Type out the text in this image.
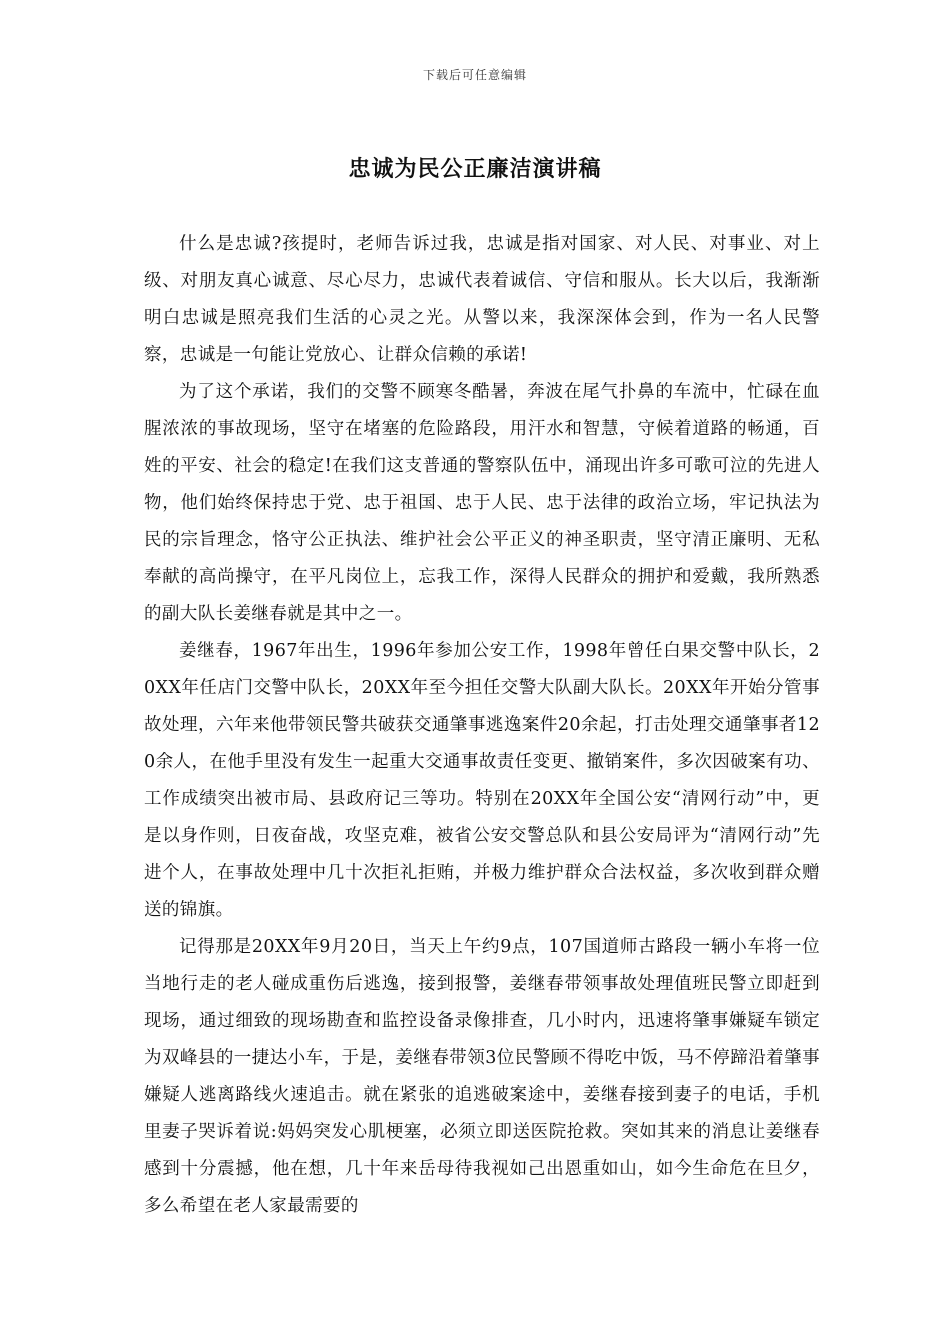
下载后可任意编辑
忠诚为民公正廉洁演讲稿

什么是忠诚?孩提时，老师告诉过我，忠诚是指对国家、对人民、对事业、对上级、对朋友真心诚意、尽心尽力，忠诚代表着诚信、守信和服从。长大以后，我渐渐明白忠诚是照亮我们生活的心灵之光。从警以来，我深深体会到，作为一名人民警察，忠诚是一句能让党放心、让群众信赖的承诺!

为了这个承诺，我们的交警不顾寒冬酷暑，奔波在尾气扑鼻的车流中，忙碌在血腥浓浓的事故现场，坚守在堵塞的危险路段，用汗水和智慧，守候着道路的畅通，百姓的平安、社会的稳定!在我们这支普通的警察队伍中，涌现出许多可歌可泣的先进人物，他们始终保持忠于党、忠于祖国、忠于人民、忠于法律的政治立场，牢记执法为民的宗旨理念，恪守公正执法、维护社会公平正义的神圣职责，坚守清正廉明、无私奉献的高尚操守，在平凡岗位上，忘我工作，深得人民群众的拥护和爱戴，我所熟悉的副大队长姜继春就是其中之一。

姜继春，1967年出生，1996年参加公安工作，1998年曾任白果交警中队长，20XX年任店门交警中队长，20XX年至今担任交警大队副大队长。20XX年开始分管事故处理，六年来他带领民警共破获交通肇事逃逸案件20余起，打击处理交通肇事者120余人，在他手里没有发生一起重大交通事故责任变更、撤销案件，多次因破案有功、工作成绩突出被市局、县政府记三等功。特别在20XX年全国公安“清网行动”中，更是以身作则，日夜奋战，攻坚克难，被省公安交警总队和县公安局评为“清网行动”先进个人，在事故处理中几十次拒礼拒贿，并极力维护群众合法权益，多次收到群众赠送的锦旗。

记得那是20XX年9月20日，当天上午约9点，107国道师古路段一辆小车将一位当地行走的老人碰成重伤后逃逸，接到报警，姜继春带领事故处理值班民警立即赶到现场，通过细致的现场勘查和监控设备录像排查，几小时内，迅速将肇事嫌疑车锁定为双峰县的一捷达小车，于是，姜继春带领3位民警顾不得吃中饭，马不停蹄沿着肇事嫌疑人逃离路线火速追击。就在紧张的追逃破案途中，姜继春接到妻子的电话，手机里妻子哭诉着说:妈妈突发心肌梗塞，必须立即送医院抢救。突如其来的消息让姜继春感到十分震撼，他在想，几十年来岳母待我视如己出恩重如山，如今生命危在旦夕，多么希望在老人家最需要的
